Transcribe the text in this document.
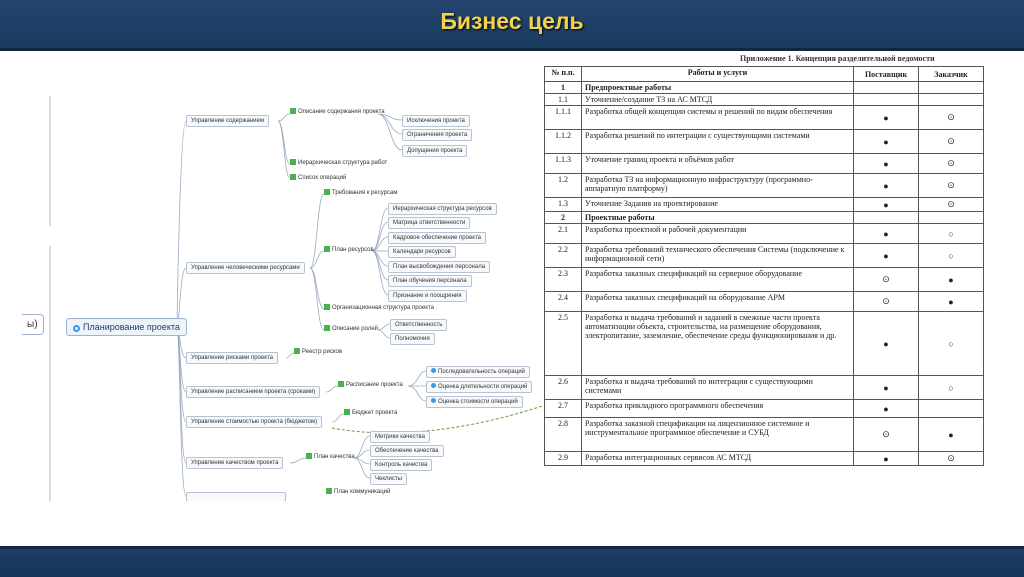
Бизнес цель
ы)	Планирование проекта
Управление содержанием
Описание содержания проекта
Исключения проекта
Ограничения проекта
Допущения проекта
Иерархическая структура работ
Список операций
Управление человеческими ресурсами
Требования к ресурсам
План ресурсов
Иерархическая структура ресурсов
Матрица ответственности
Кадровое обеспечение проекта
Календари ресурсов
План высвобождения персонала
План обучения персонала
Признание и поощрения
Организационная структура проекта
Описание ролей
Ответственность
Полномочия
Управление рисками проекта
Реестр рисков
Управление расписанием проекта (сроками)
Расписание проекта
Последовательность операций
Оценка длительности операций
Оценка стоимости операций
Управление стоимостью проекта (бюджетом)
Бюджет проекта
Управление качеством проекта
План качества
Метрики качества
Обеспечение качества
Контроль качества
Чеклисты
План коммуникаций
Приложение 1. Концепция разделительной ведомости
№ п.п.	Работы и услуги	Поставщик	Заказчик
1	Предпроектные работы		
1.1	Уточнение/создание ТЗ на АС МТСД		
1.1.1	Разработка общей концепции системы и решений по видам обеспечения	●	⊙
1.1.2	Разработка решений по интеграции с существующими системами	●	⊙
1.1.3	Уточнение границ проекта и объёмов работ	●	⊙
1.2	Разработка ТЗ на информационную инфраструктуру (программно-аппаратную платформу)	●	⊙
1.3	Уточнение Задания на проектирование	●	⊙
2	Проектные работы		
2.1	Разработка проектной и рабочей документации	●	○
2.2	Разработка требований технического обеспечения Системы (подключение к информационной сети)	●	○
2.3	Разработка заказных спецификаций на серверное оборудование	⊙	●
2.4	Разработка заказных спецификаций на оборудование АРМ	⊙	●
2.5	Разработка и выдача требований и заданий в смежные части проекта автоматизации объекта, строительства, на размещение оборудования, электропитание, заземление, обеспечение среды функционирования и др.	●	○
2.6	Разработка и выдача требований по интеграции с существующими системами	●	○
2.7	Разработка прикладного программного обеспечения	●	
2.8	Разработка заказной спецификации на лицензионное системное и инструментальное программное обеспечение и СУБД	⊙	●
2.9	Разработка интеграционных сервисов АС МТСД	●	⊙
